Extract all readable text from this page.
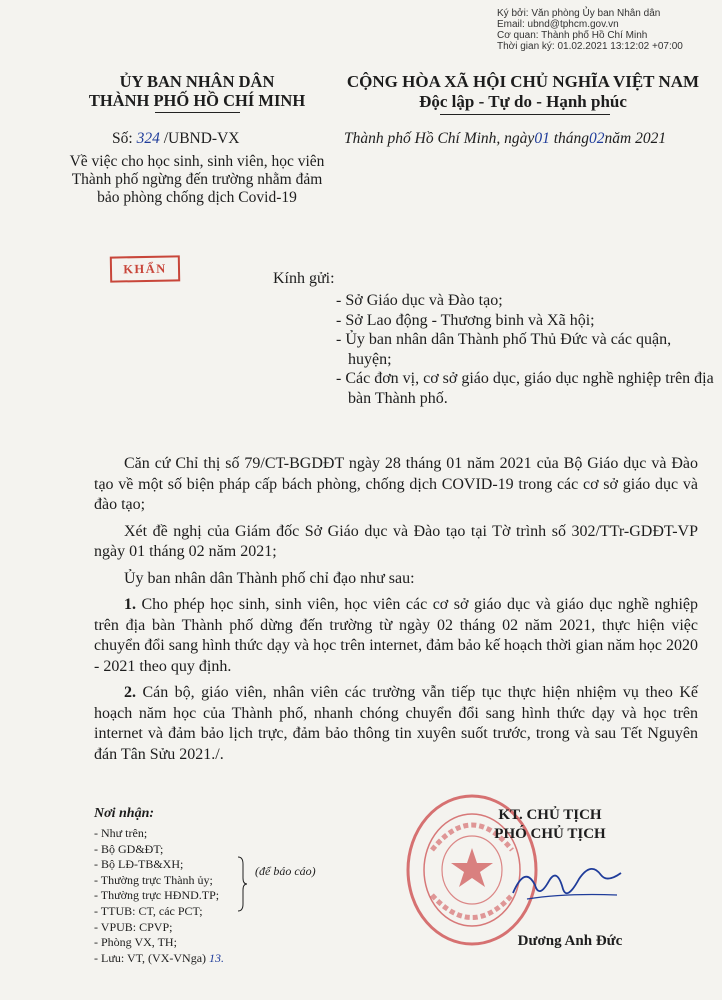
Ký bởi: Văn phòng Ủy ban Nhân dân
Email: ubnd@tphcm.gov.vn
Cơ quan: Thành phố Hồ Chí Minh
Thời gian ký: 01.02.2021 13:12:02 +07:00
ỦY BAN NHÂN DÂN
THÀNH PHỐ HỒ CHÍ MINH
CỘNG HÒA XÃ HỘI CHỦ NGHĨA VIỆT NAM
Độc lập - Tự do - Hạnh phúc
Số: 324 /UBND-VX
Về việc cho học sinh, sinh viên, học viên Thành phố ngừng đến trường nhằm đảm bảo phòng chống dịch Covid-19
Thành phố Hồ Chí Minh, ngày01 tháng02năm 2021
KHẨN
Kính gửi:
- Sở Giáo dục và Đào tạo;
- Sở Lao động - Thương binh và Xã hội;
- Ủy ban nhân dân Thành phố Thủ Đức và các quận, huyện;
- Các đơn vị, cơ sở giáo dục, giáo dục nghề nghiệp trên địa bàn Thành phố.

Căn cứ Chỉ thị số 79/CT-BGDĐT ngày 28 tháng 01 năm 2021 của Bộ Giáo dục và Đào tạo về một số biện pháp cấp bách phòng, chống dịch COVID-19 trong các cơ sở giáo dục và đào tạo;

Xét đề nghị của Giám đốc Sở Giáo dục và Đào tạo tại Tờ trình số 302/TTr-GDĐT-VP ngày 01 tháng 02 năm 2021;

Ủy ban nhân dân Thành phố chỉ đạo như sau:

1. Cho phép học sinh, sinh viên, học viên các cơ sở giáo dục và giáo dục nghề nghiệp trên địa bàn Thành phố dừng đến trường từ ngày 02 tháng 02 năm 2021, thực hiện việc chuyển đổi sang hình thức dạy và học trên internet, đảm bảo kế hoạch thời gian năm học 2020 - 2021 theo quy định.

2. Cán bộ, giáo viên, nhân viên các trường vẫn tiếp tục thực hiện nhiệm vụ theo Kế hoạch năm học của Thành phố, nhanh chóng chuyển đổi sang hình thức dạy và học trên internet và đảm bảo lịch trực, đảm bảo thông tin xuyên suốt trước, trong và sau Tết Nguyên đán Tân Sửu 2021./.

Nơi nhận:
- Như trên;
- Bộ GD&ĐT;
- Bộ LĐ-TB&XH;
- Thường trực Thành ủy;
- Thường trực HĐND.TP;
- TTUB: CT, các PCT;
- VPUB: CPVP;
- Phòng VX, TH;
- Lưu: VT, (VX-VNga) 13.
(để báo cáo)
KT. CHỦ TỊCH
PHÓ CHỦ TỊCH
Dương Anh Đức
